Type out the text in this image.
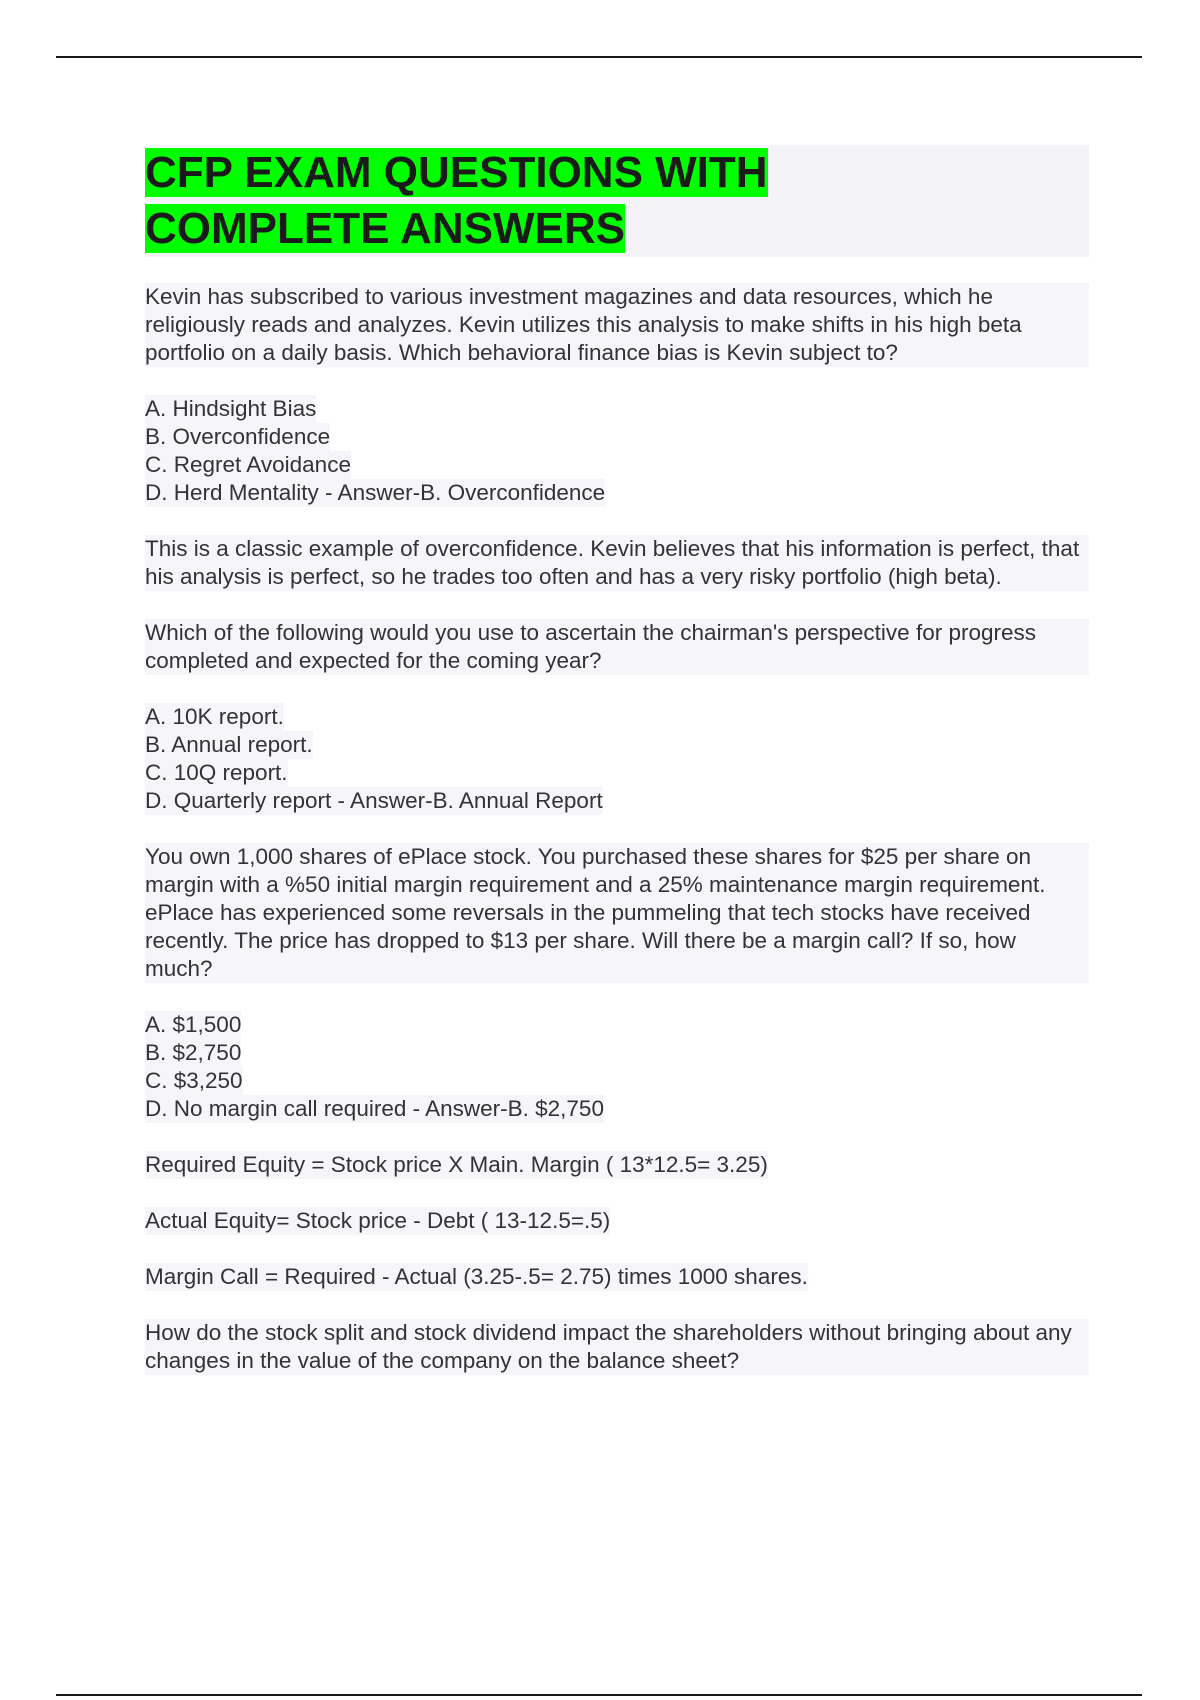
CFP EXAM QUESTIONS WITH
COMPLETE ANSWERS
Kevin has subscribed to various investment magazines and data resources, which he religiously reads and analyzes. Kevin utilizes this analysis to make shifts in his high beta portfolio on a daily basis. Which behavioral finance bias is Kevin subject to?
A. Hindsight Bias
B. Overconfidence
C. Regret Avoidance
D. Herd Mentality - Answer-B. Overconfidence
This is a classic example of overconfidence. Kevin believes that his information is perfect, that his analysis is perfect, so he trades too often and has a very risky portfolio (high beta).
Which of the following would you use to ascertain the chairman's perspective for progress completed and expected for the coming year?
A. 10K report.
B. Annual report.
C. 10Q report.
D. Quarterly report - Answer-B. Annual Report
You own 1,000 shares of ePlace stock. You purchased these shares for $25 per share on margin with a %50 initial margin requirement and a 25% maintenance margin requirement. ePlace has experienced some reversals in the pummeling that tech stocks have received recently. The price has dropped to $13 per share. Will there be a margin call? If so, how much?
A. $1,500
B. $2,750
C. $3,250
D. No margin call required - Answer-B. $2,750
Required Equity = Stock price X Main. Margin ( 13*12.5= 3.25)
Actual Equity= Stock price - Debt ( 13-12.5=.5)
Margin Call = Required - Actual (3.25-.5= 2.75) times 1000 shares.
How do the stock split and stock dividend impact the shareholders without bringing about any changes in the value of the company on the balance sheet?
